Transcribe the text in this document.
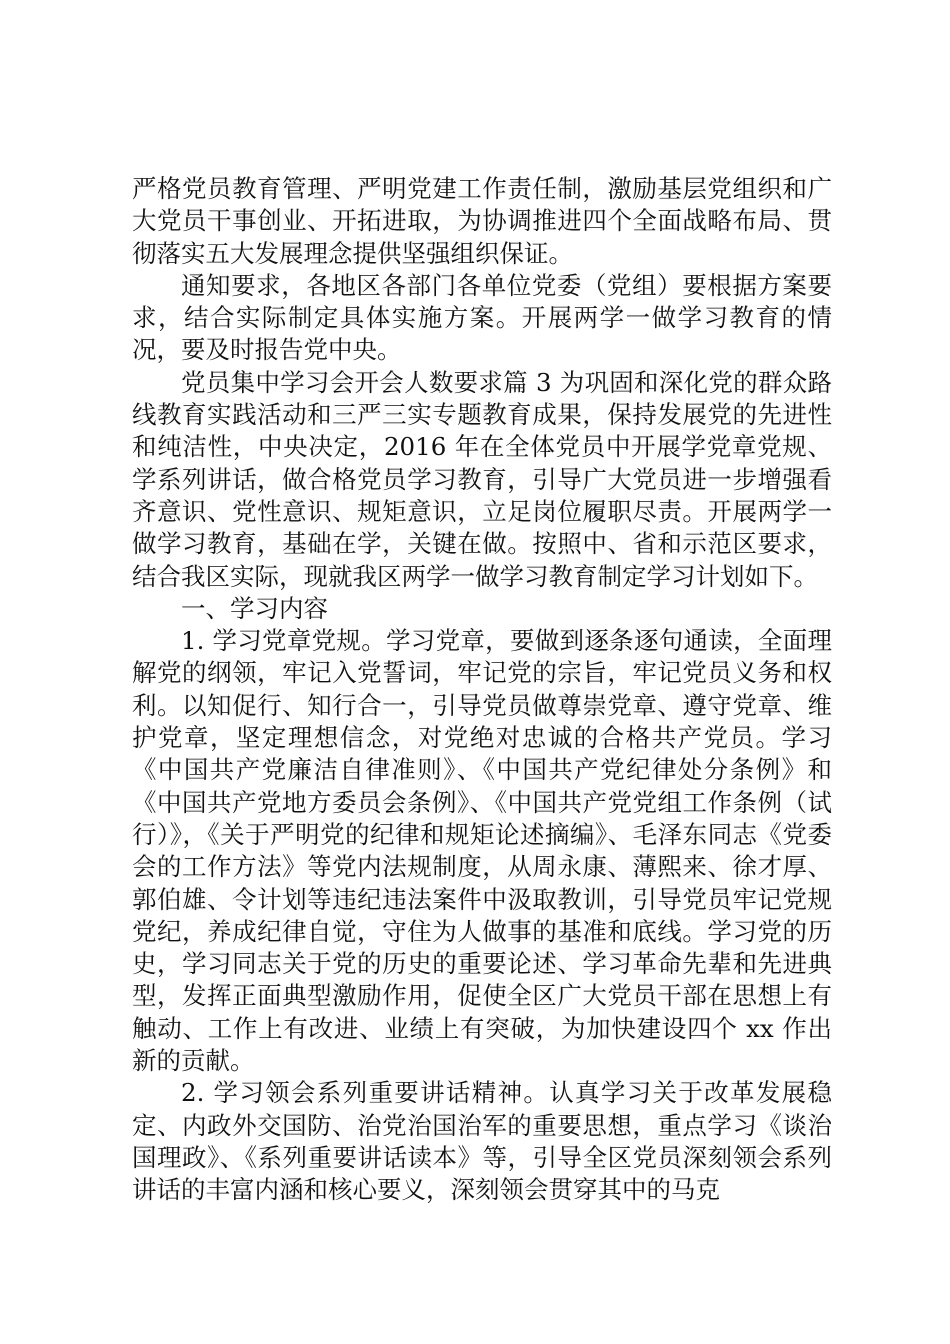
严格党员教育管理、严明党建工作责任制，激励基层党组织和广大党员干事创业、开拓进取，为协调推进四个全面战略布局、贯彻落实五大发展理念提供坚强组织保证。

通知要求，各地区各部门各单位党委（党组）要根据方案要求，结合实际制定具体实施方案。开展两学一做学习教育的情况，要及时报告党中央。

党员集中学习会开会人数要求篇 3 为巩固和深化党的群众路线教育实践活动和三严三实专题教育成果，保持发展党的先进性和纯洁性，中央决定，2016 年在全体党员中开展学党章党规、学系列讲话，做合格党员学习教育，引导广大党员进一步增强看齐意识、党性意识、规矩意识，立足岗位履职尽责。开展两学一做学习教育，基础在学，关键在做。按照中、省和示范区要求，结合我区实际，现就我区两学一做学习教育制定学习计划如下。

一、学习内容

1. 学习党章党规。学习党章，要做到逐条逐句通读，全面理解党的纲领，牢记入党誓词，牢记党的宗旨，牢记党员义务和权利。以知促行、知行合一，引导党员做尊崇党章、遵守党章、维护党章，坚定理想信念，对党绝对忠诚的合格共产党员。学习《中国共产党廉洁自律准则》、《中国共产党纪律处分条例》和《中国共产党地方委员会条例》、《中国共产党党组工作条例（试行）》，《关于严明党的纪律和规矩论述摘编》、毛泽东同志《党委会的工作方法》等党内法规制度，从周永康、薄熙来、徐才厚、郭伯雄、令计划等违纪违法案件中汲取教训，引导党员牢记党规党纪，养成纪律自觉，守住为人做事的基准和底线。学习党的历史，学习同志关于党的历史的重要论述、学习革命先辈和先进典型，发挥正面典型激励作用，促使全区广大党员干部在思想上有触动、工作上有改进、业绩上有突破，为加快建设四个 xx 作出新的贡献。

2. 学习领会系列重要讲话精神。认真学习关于改革发展稳定、内政外交国防、治党治国治军的重要思想，重点学习《谈治国理政》、《系列重要讲话读本》等，引导全区党员深刻领会系列讲话的丰富内涵和核心要义，深刻领会贯穿其中的马克
